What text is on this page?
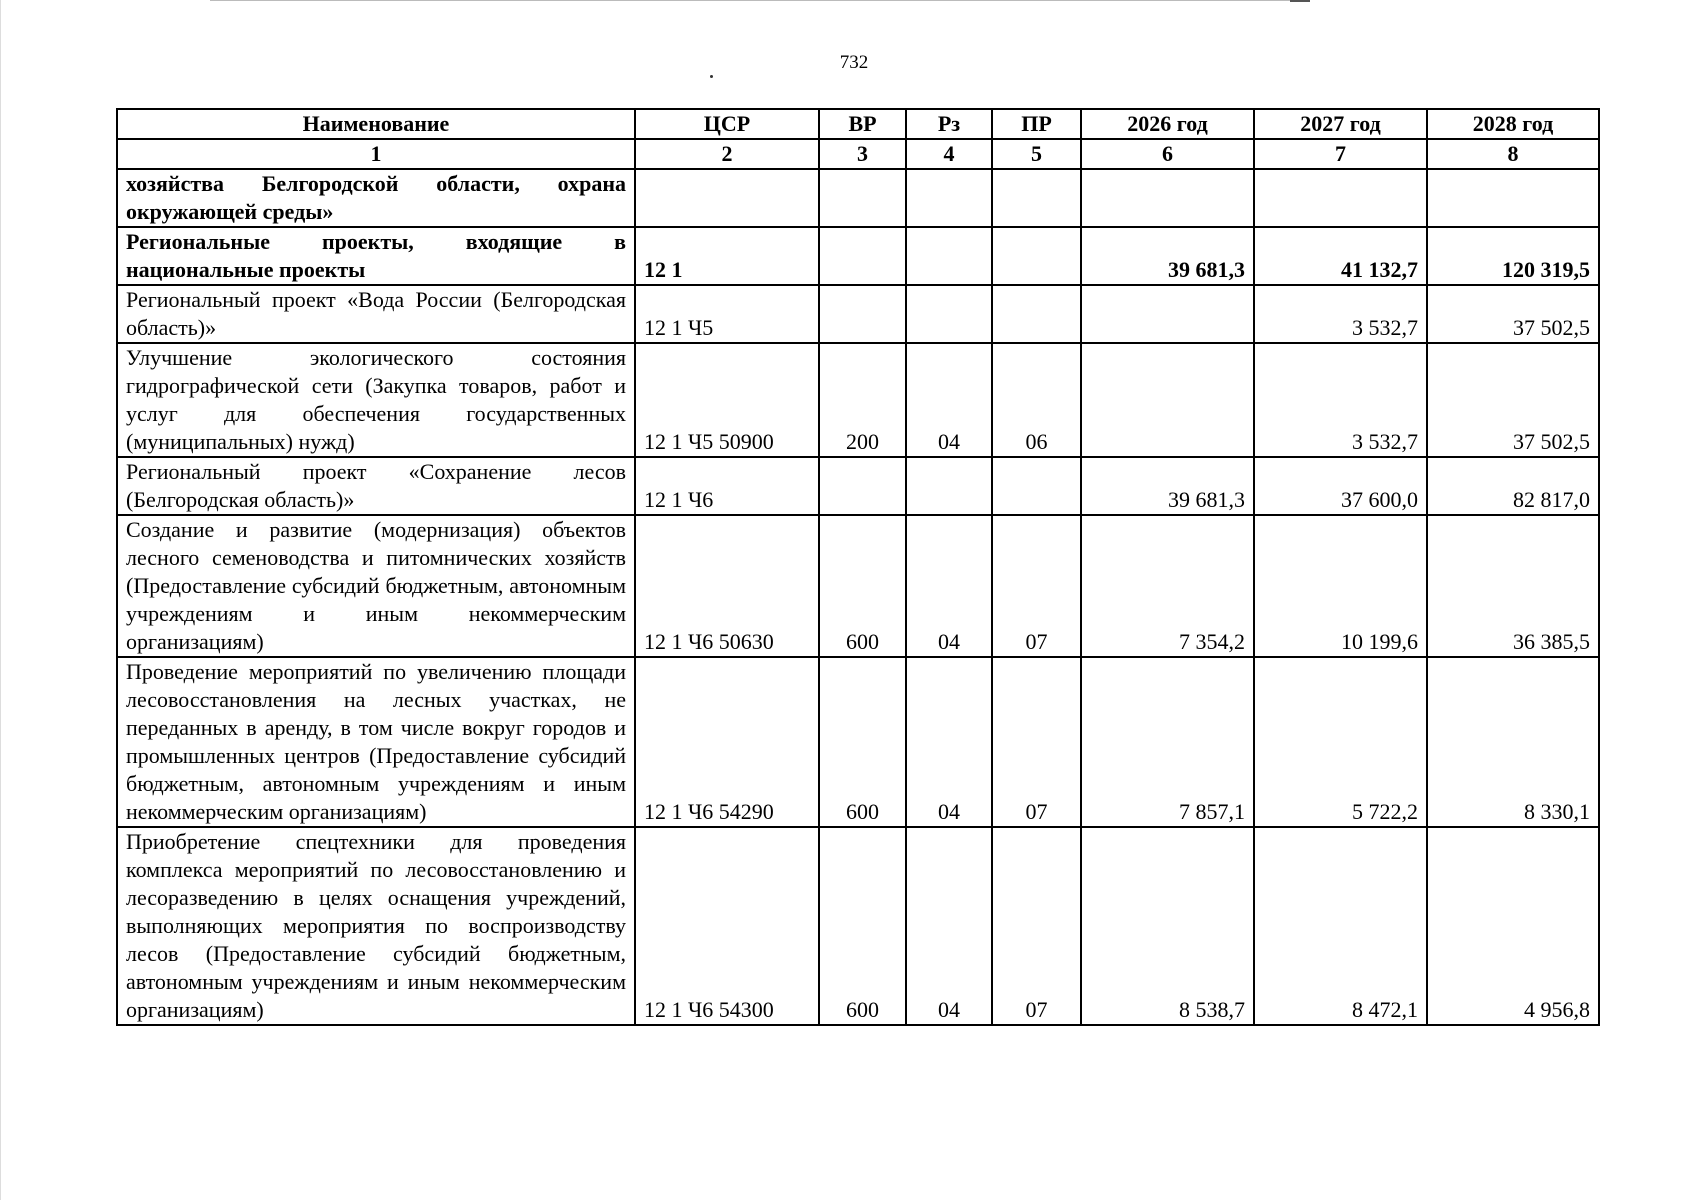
732
Наименование	ЦСР	ВР	Рз	ПР	2026 год	2027 год	2028 год
1	2	3	4	5	6	7	8
хозяйства Белгородской области, охрана окружающей среды»							
Региональные проекты, входящие в национальные проекты	12 1				39 681,3	41 132,7	120 319,5
Региональный проект «Вода России (Белгородская область)»	12 1 Ч5					3 532,7	37 502,5
Улучшение экологического состояния гидрографической сети (Закупка товаров, работ и услуг для обеспечения государственных (муниципальных) нужд)	12 1 Ч5 50900	200	04	06		3 532,7	37 502,5
Региональный проект «Сохранение лесов (Белгородская область)»	12 1 Ч6				39 681,3	37 600,0	82 817,0
Создание и развитие (модернизация) объектов лесного семеноводства и питомнических хозяйств (Предоставление субсидий бюджетным, автономным учреждениям и иным некоммерческим организациям)	12 1 Ч6 50630	600	04	07	7 354,2	10 199,6	36 385,5
Проведение мероприятий по увеличению площади лесовосстановления на лесных участках, не переданных в аренду, в том числе вокруг городов и промышленных центров (Предоставление субсидий бюджетным, автономным учреждениям и иным некоммерческим организациям)	12 1 Ч6 54290	600	04	07	7 857,1	5 722,2	8 330,1
Приобретение спецтехники для проведения комплекса мероприятий по лесовосстановлению и лесоразведению в целях оснащения учреждений, выполняющих мероприятия по воспроизводству лесов (Предоставление субсидий бюджетным, автономным учреждениям и иным некоммерческим организациям)	12 1 Ч6 54300	600	04	07	8 538,7	8 472,1	4 956,8
